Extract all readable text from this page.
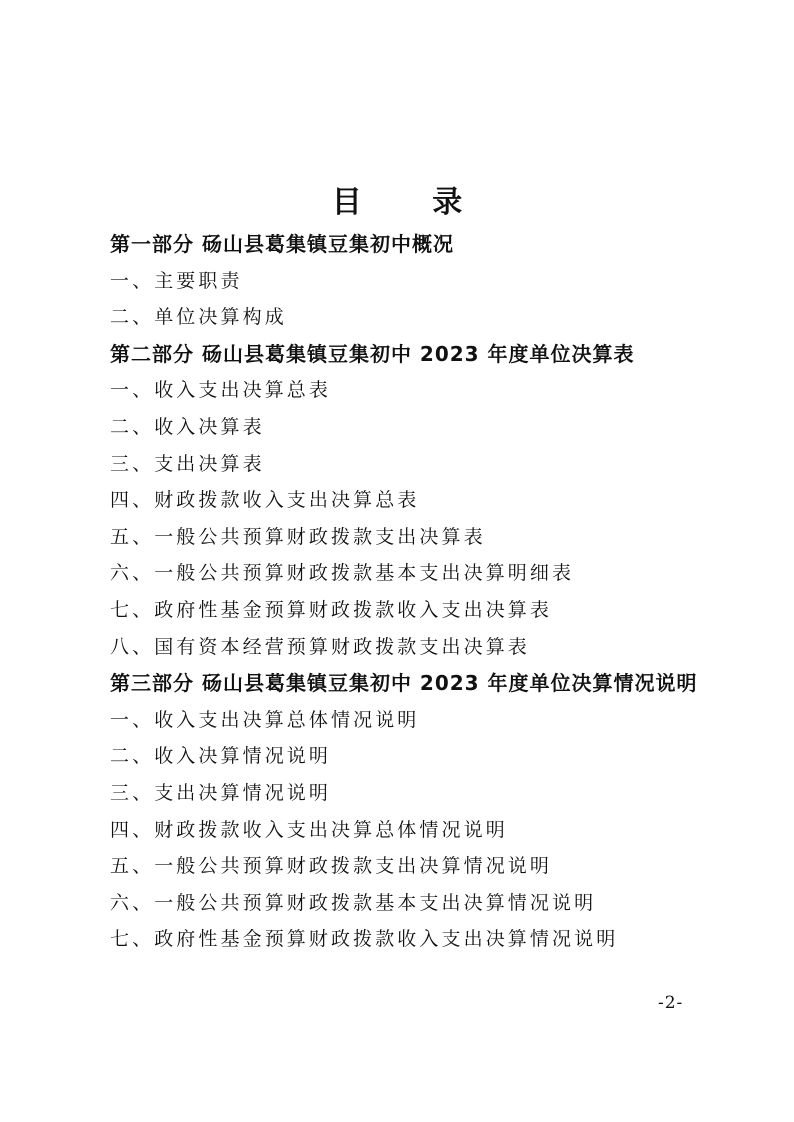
目 录
第一部分 砀山县葛集镇豆集初中概况
一、主要职责
二、单位决算构成
第二部分 砀山县葛集镇豆集初中 2023 年度单位决算表
一、收入支出决算总表
二、收入决算表
三、支出决算表
四、财政拨款收入支出决算总表
五、一般公共预算财政拨款支出决算表
六、一般公共预算财政拨款基本支出决算明细表
七、政府性基金预算财政拨款收入支出决算表
八、国有资本经营预算财政拨款支出决算表
第三部分 砀山县葛集镇豆集初中 2023 年度单位决算情况说明
一、收入支出决算总体情况说明
二、收入决算情况说明
三、支出决算情况说明
四、财政拨款收入支出决算总体情况说明
五、一般公共预算财政拨款支出决算情况说明
六、一般公共预算财政拨款基本支出决算情况说明
七、政府性基金预算财政拨款收入支出决算情况说明
-2-
